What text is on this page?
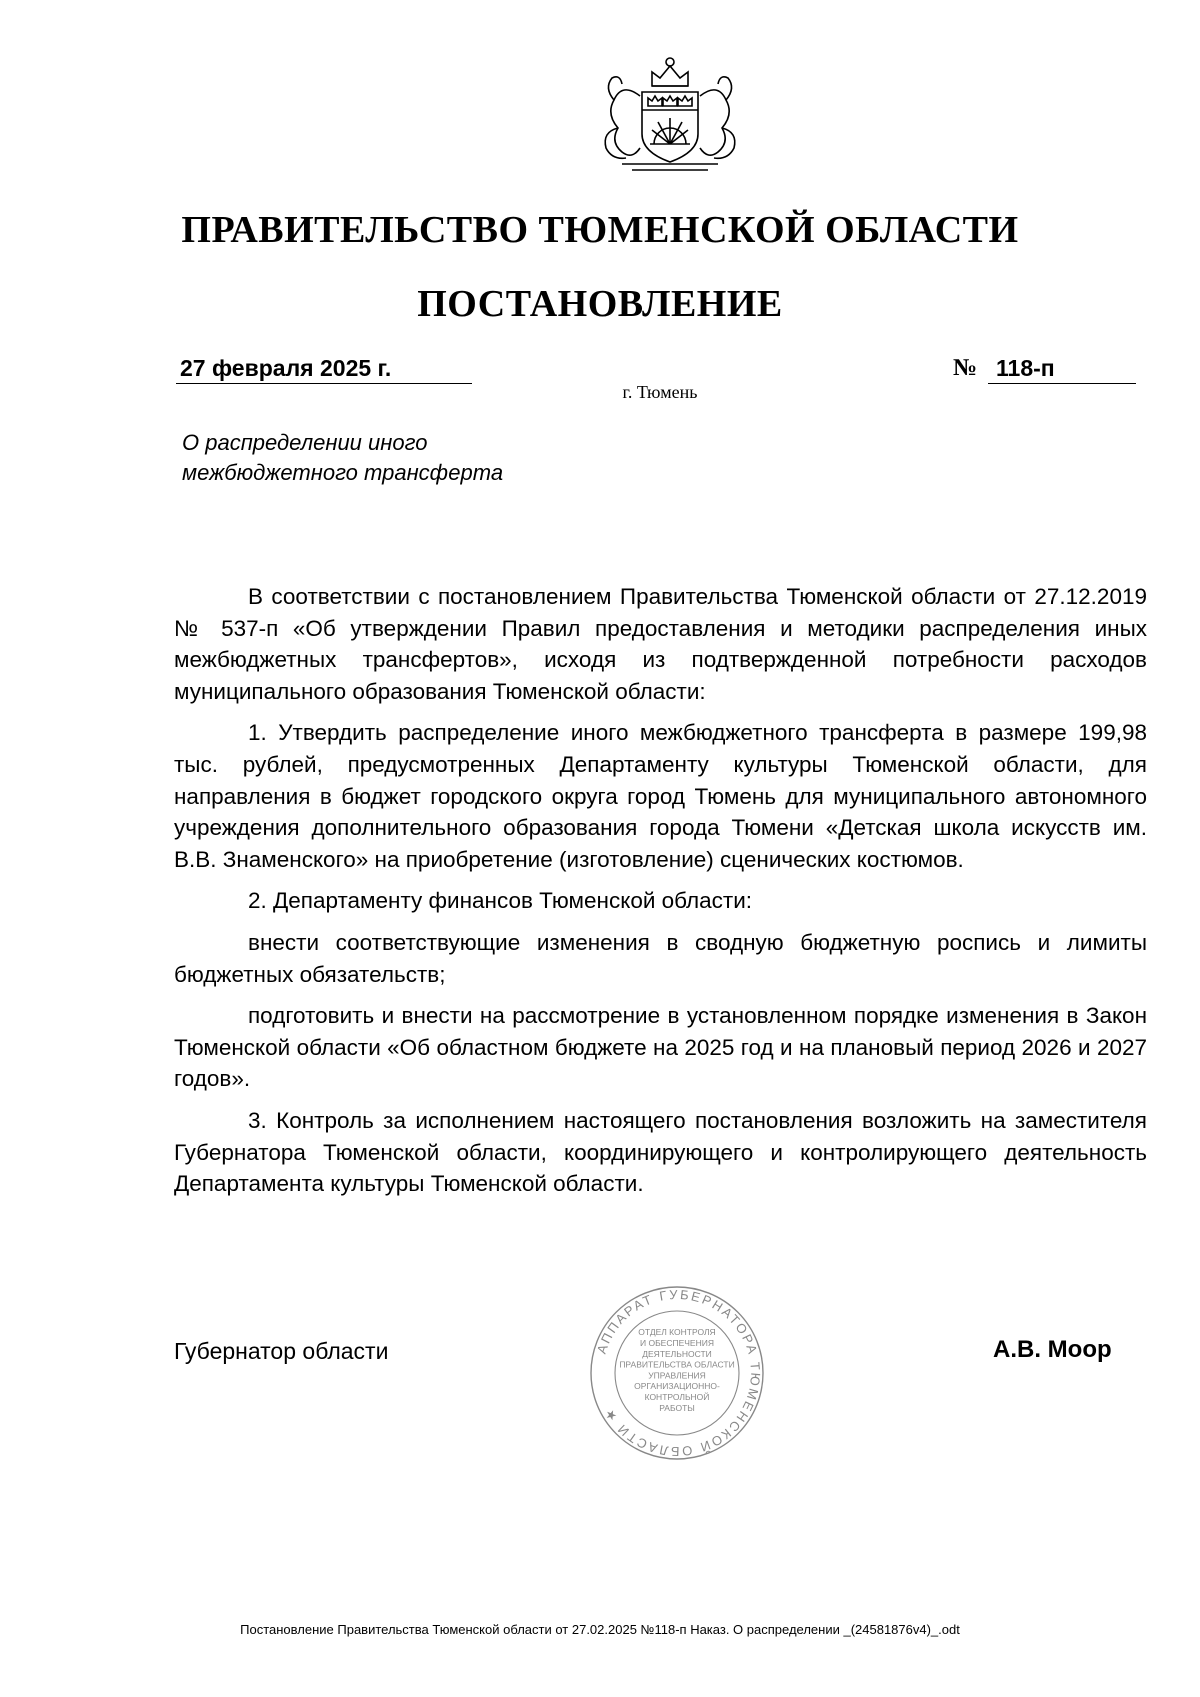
ПРАВИТЕЛЬСТВО ТЮМЕНСКОЙ ОБЛАСТИ
ПОСТАНОВЛЕНИЕ
27 февраля 2025 г.	№ 118-п
г. Тюмень
О распределении иного
межбюджетного трансферта

В соответствии с постановлением Правительства Тюменской области от 27.12.2019 № 537-п «Об утверждении Правил предоставления и методики распределения иных межбюджетных трансфертов», исходя из подтвержденной потребности расходов муниципального образования Тюменской области:

1. Утвердить распределение иного межбюджетного трансферта в размере 199,98 тыс. рублей, предусмотренных Департаменту культуры Тюменской области, для направления в бюджет городского округа город Тюмень для муниципального автономного учреждения дополнительного образования города Тюмени «Детская школа искусств им. В.В. Знаменского» на приобретение (изготовление) сценических костюмов.

2. Департаменту финансов Тюменской области:

внести соответствующие изменения в сводную бюджетную роспись и лимиты бюджетных обязательств;

подготовить и внести на рассмотрение в установленном порядке изменения в Закон Тюменской области «Об областном бюджете на 2025 год и на плановый период 2026 и 2027 годов».

3. Контроль за исполнением настоящего постановления возложить на заместителя Губернатора Тюменской области, координирующего и контролирующего деятельность Департамента культуры Тюменской области.

Губернатор области	АППАРАТ ГУБЕРНАТОРА ТЮМЕНСКОЙ ОБЛАСТИ ★
ОТДЕЛ КОНТРОЛЯ И ОБЕСПЕЧЕНИЯ ДЕЯТЕЛЬНОСТИ ПРАВИТЕЛЬСТВА ОБЛАСТИ УПРАВЛЕНИЯ ОРГАНИЗАЦИОННО-КОНТРОЛЬНОЙ РАБОТЫ
А.В. Моор
Постановление Правительства Тюменской области от 27.02.2025 №118-п Наказ. О распределении _(24581876v4)_.odt
